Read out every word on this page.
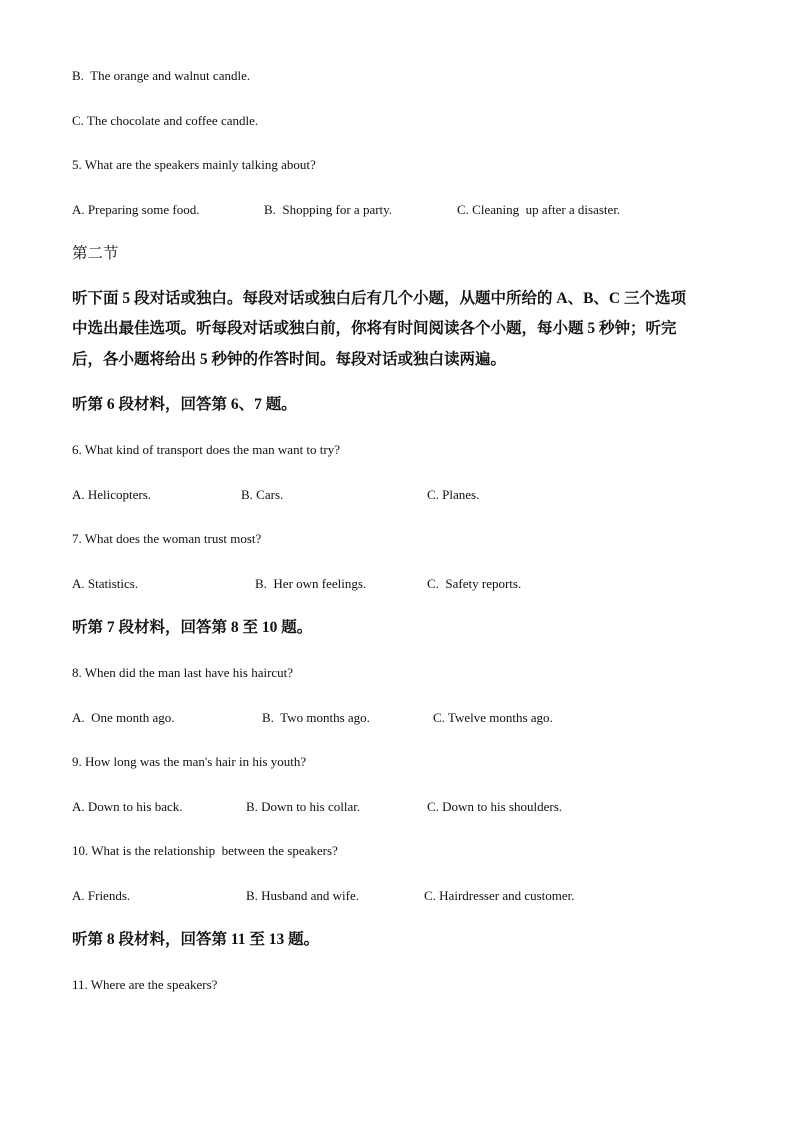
B.  The orange and walnut candle.
C. The chocolate and coffee candle.
5. What are the speakers mainly talking about?
A. Preparing some food.	B.  Shopping for a party.	C. Cleaning  up after a disaster.
第二节
听下面 5 段对话或独白。每段对话或独白后有几个小题，从题中所给的 A、B、C 三个选项
中选出最佳选项。听每段对话或独白前，你将有时间阅读各个小题，每小题 5 秒钟；听完
后，各小题将给出 5 秒钟的作答时间。每段对话或独白读两遍。
听第 6 段材料，回答第 6、7 题。
6. What kind of transport does the man want to try?
A. Helicopters.	B. Cars.	C. Planes.
7. What does the woman trust most?
A. Statistics.	B.  Her own feelings.	C.  Safety reports.
听第 7 段材料，回答第 8 至 10 题。
8. When did the man last have his haircut?
A.  One month ago.	B.  Two months ago.	C. Twelve months ago.
9. How long was the man's hair in his youth?
A. Down to his back.	B. Down to his collar.	C. Down to his shoulders.
10. What is the relationship  between the speakers?
A. Friends.	B. Husband and wife.	C. Hairdresser and customer.
听第 8 段材料，回答第 11 至 13 题。
11. Where are the speakers?
